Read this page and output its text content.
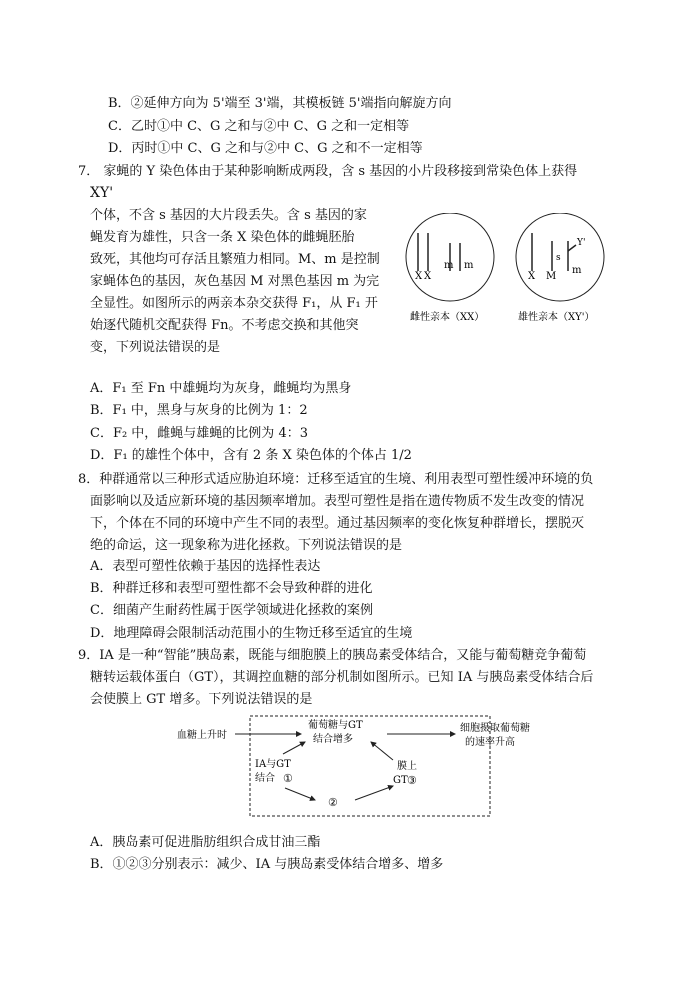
B．②延伸方向为 5'端至 3'端，其模板链 5'端指向解旋方向
C．乙时①中 C、G 之和与②中 C、G 之和一定相等
D．丙时①中 C、G 之和与②中 C、G 之和不一定相等
7． 家蝇的 Y 染色体由于某种影响断成两段，含 s 基因的小片段移接到常染色体上获得
XY'
个体，不含 s 基因的大片段丢失。含 s 基因的家
蝇发育为雄性，只含一条 X 染色体的雌蝇胚胎
致死，其他均可存活且繁殖力相同。M、m 是控制
家蝇体色的基因，灰色基因 M 对黑色基因 m 为完
全显性。如图所示的两亲本杂交获得 F₁，从 F₁ 开
始逐代随机交配获得 Fn。不考虑交换和其他突
变，下列说法错误的是
X X
m m
X
s
M
m
Y'
雌性亲本（XX）	雄性亲本（XY'）
A．F₁ 至 Fn 中雄蝇均为灰身，雌蝇均为黑身
B．F₁ 中，黑身与灰身的比例为 1：2
C．F₂ 中，雌蝇与雄蝇的比例为 4：3
D．F₁ 的雄性个体中，含有 2 条 X 染色体的个体占 1/2
8．种群通常以三种形式适应胁迫环境：迁移至适宜的生境、利用表型可塑性缓冲环境的负
面影响以及适应新环境的基因频率增加。表型可塑性是指在遗传物质不发生改变的情况
下，个体在不同的环境中产生不同的表型。通过基因频率的变化恢复种群增长，摆脱灭
绝的命运，这一现象称为进化拯救。下列说法错误的是
A．表型可塑性依赖于基因的选择性表达
B．种群迁移和表型可塑性都不会导致种群的进化
C．细菌产生耐药性属于医学领域进化拯救的案例
D．地理障碍会限制活动范围小的生物迁移至适宜的生境
9．IA 是一种“智能”胰岛素，既能与细胞膜上的胰岛素受体结合，又能与葡萄糖竞争葡萄
糖转运载体蛋白（GT），其调控血糖的部分机制如图所示。已知 IA 与胰岛素受体结合后
会使膜上 GT 增多。下列说法错误的是
血糖上升时
葡萄糖与GT
结合增多
细胞摄取葡萄糖
的速率升高
IA与GT
结合 ①
膜上
GT ③
②
A．胰岛素可促进脂肪组织合成甘油三酯
B．①②③分别表示：减少、IA 与胰岛素受体结合增多、增多
